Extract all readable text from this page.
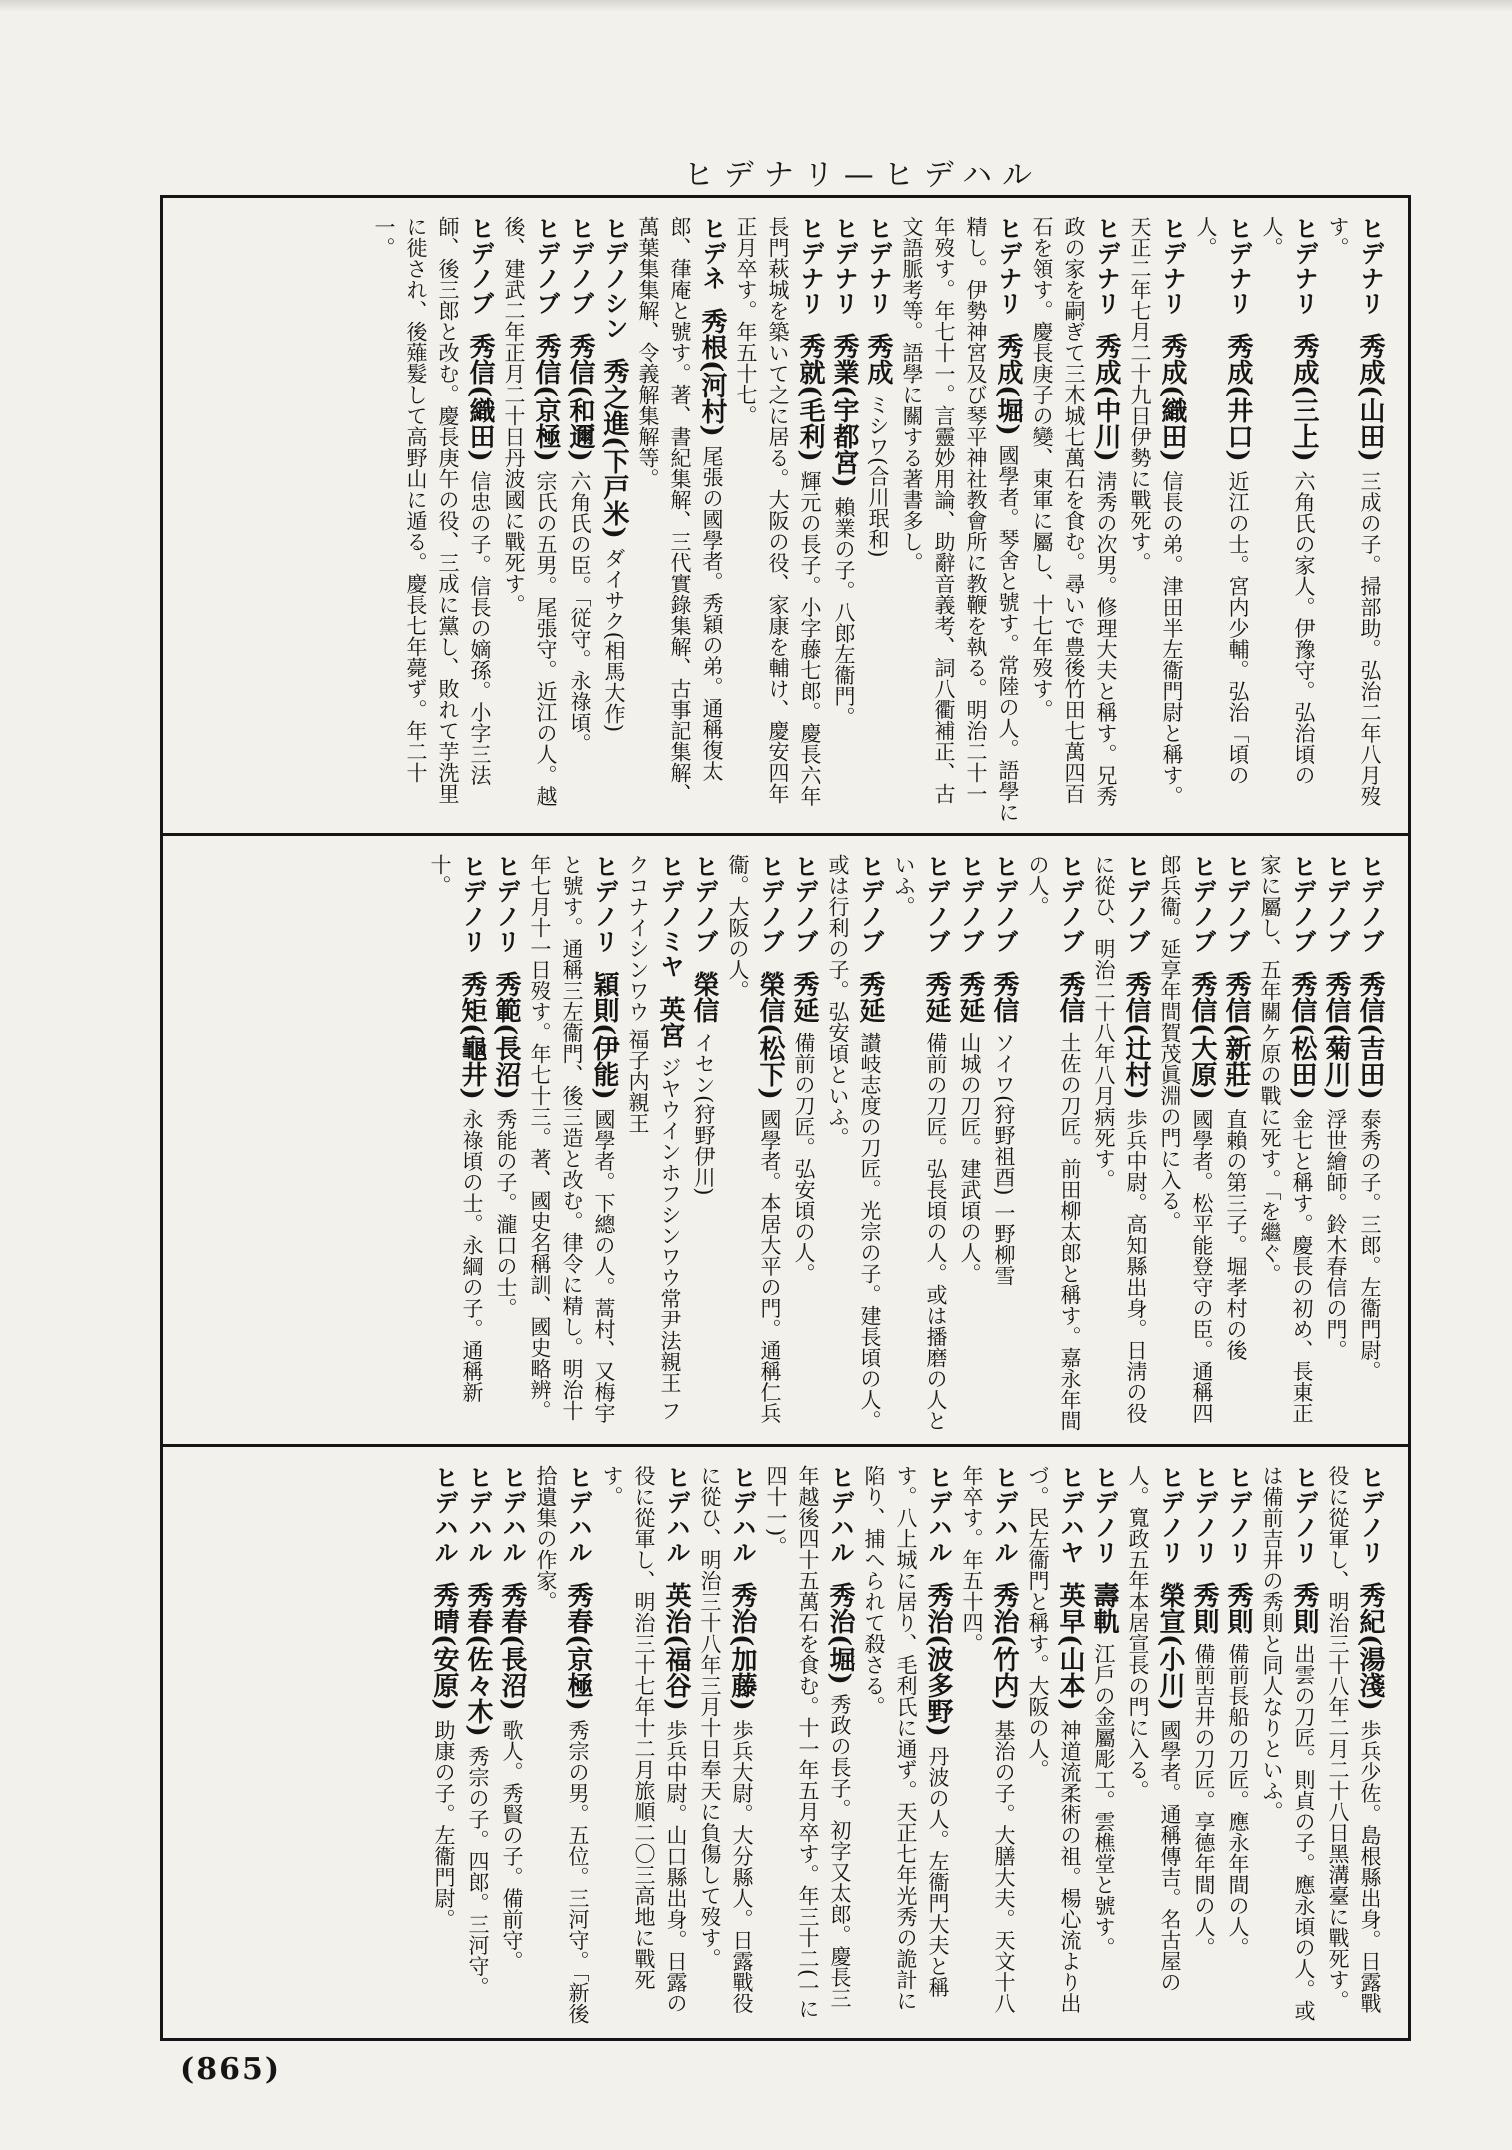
ヒデナリ—ヒデハル
ヒデナリ 秀成(山田) 三成の子。掃部助。弘治二年八月歿す。
ヒデナリ 秀成(三上) 六角氏の家人。伊豫守。弘治頃の人。
ヒデナリ 秀成(井口) 近江の士。宮内少輔。弘治「頃の人。
ヒデナリ 秀成(織田) 信長の弟。津田半左衞門尉と稱す。天正二年七月二十九日伊勢に戰死す。
ヒデナリ 秀成(中川) 淸秀の次男。修理大夫と稱す。兄秀政の家を嗣ぎて三木城七萬石を食む。尋いで豊後竹田七萬四百石を領す。慶長庚子の變、東軍に屬し、十七年歿す。
ヒデナリ 秀成(堀) 國學者。琴舍と號す。常陸の人。語學に精し。伊勢神宮及び琴平神社教會所に教鞭を執る。明治二十一年歿す。年七十一。言靈妙用論、助辭音義考、詞八衢補正、古文語脈考等。語學に關する著書多し。
ヒデナリ 秀成 ミシワ(合川珉和)
ヒデナリ 秀業(宇都宮) 賴業の子。八郎左衞門。
ヒデナリ 秀就(毛利) 輝元の長子。小字藤七郎。慶長六年長門萩城を築いて之に居る。大阪の役、家康を輔け、慶安四年正月卒す。年五十七。
ヒデネ 秀根(河村) 尾張の國學者。秀穎の弟。通稱復太郎、葎庵と號す。著、書紀集解、三代實錄集解、古事記集解、萬葉集集解、令義解集解等。
ヒデノシン 秀之進(下戸米) ダイサク(相馬大作)
ヒデノブ 秀信(和邇) 六角氏の臣。「従守。永祿頃。
ヒデノブ 秀信(京極) 宗氏の五男。尾張守。近江の人。越後、建武二年正月二十日丹波國に戰死す。
ヒデノブ 秀信(織田) 信忠の子。信長の嫡孫。小字三法師、後三郎と改む。慶長庚午の役、三成に黨し、敗れて芋洗里に徙され、後薙髮して高野山に遁る。慶長七年薨ず。年二十一。
ヒデノブ 秀信(吉田) 泰秀の子。三郎。左衞門尉。
ヒデノブ 秀信(菊川) 浮世繪師。鈴木春信の門。
ヒデノブ 秀信(松田) 金七と稱す。慶長の初め、長東正家に屬し、五年關ケ原の戰に死す。「を繼ぐ。
ヒデノブ 秀信(新莊) 直賴の第三子。堀孝村の後
ヒデノブ 秀信(大原) 國學者。松平能登守の臣。通稱四郎兵衞。延享年間賀茂眞淵の門に入る。
ヒデノブ 秀信(辻村) 歩兵中尉。高知縣出身。日淸の役に從ひ、明治二十八年八月病死す。
ヒデノブ 秀信 土佐の刀匠。前田柳太郎と稱す。嘉永年間の人。
ヒデノブ 秀信 ソイワ(狩野祖酉) 一野柳雪
ヒデノブ 秀延 山城の刀匠。建武頃の人。
ヒデノブ 秀延 備前の刀匠。弘長頃の人。或は播磨の人といふ。
ヒデノブ 秀延 讃岐志度の刀匠。光宗の子。建長頃の人。或は行利の子。弘安頃といふ。
ヒデノブ 秀延 備前の刀匠。弘安頃の人。
ヒデノブ 榮信(松下) 國學者。本居大平の門。通稱仁兵衞。大阪の人。
ヒデノブ 榮信 イセン(狩野伊川)
ヒデノミヤ 英宮 ジヤウインホフシンワウ常尹法親王 フクコナイシンワウ 福子内親王
ヒデノリ 穎則(伊能) 國學者。下總の人。蒿村、又梅宇と號す。通稱三左衞門、後三造と改む。律令に精し。明治十年七月十一日歿す。年七十三。著、國史名稱訓、國史略辨。
ヒデノリ 秀範(長沼) 秀能の子。瀧口の士。
ヒデノリ 秀矩(龜井) 永祿頃の士。永綱の子。通稱新十。
ヒデノリ 秀紀(湯淺) 歩兵少佐。島根縣出身。日露戰役に從軍し、明治三十八年二月二十八日黑溝臺に戰死す。
ヒデノリ 秀則 出雲の刀匠。則貞の子。應永頃の人。或は備前吉井の秀則と同人なりといふ。
ヒデノリ 秀則 備前長船の刀匠。應永年間の人。
ヒデノリ 秀則 備前吉井の刀匠。享德年間の人。
ヒデノリ 榮宣(小川) 國學者。通稱傳吉。名古屋の人。寬政五年本居宣長の門に入る。
ヒデノリ 壽軌 江戶の金屬彫工。雲樵堂と號す。
ヒデハヤ 英早(山本) 神道流柔術の祖。楊心流より出づ。民左衞門と稱す。大阪の人。
ヒデハル 秀治(竹内) 基治の子。大膳大夫。天文十八年卒す。年五十四。
ヒデハル 秀治(波多野) 丹波の人。左衞門大夫と稱す。八上城に居り、毛利氏に通ず。天正七年光秀の詭計に陷り、捕へられて殺さる。
ヒデハル 秀治(堀) 秀政の長子。初字又太郎。慶長三年越後四十五萬石を食む。十一年五月卒す。年三十二(一に四十一)。
ヒデハル 秀治(加藤) 歩兵大尉。大分縣人。日露戰役に從ひ、明治三十八年三月十日奉天に負傷して歿す。
ヒデハル 英治(福谷) 歩兵中尉。山口縣出身。日露の役に從軍し、明治三十七年十二月旅順二〇三高地に戰死す。
ヒデハル 秀春(京極) 秀宗の男。五位。三河守。「新後拾遺集の作家。
ヒデハル 秀春(長沼) 歌人。秀賢の子。備前守。
ヒデハル 秀春(佐々木) 秀宗の子。四郎。三河守。
ヒデハル 秀晴(安原) 助康の子。左衞門尉。
(865)
